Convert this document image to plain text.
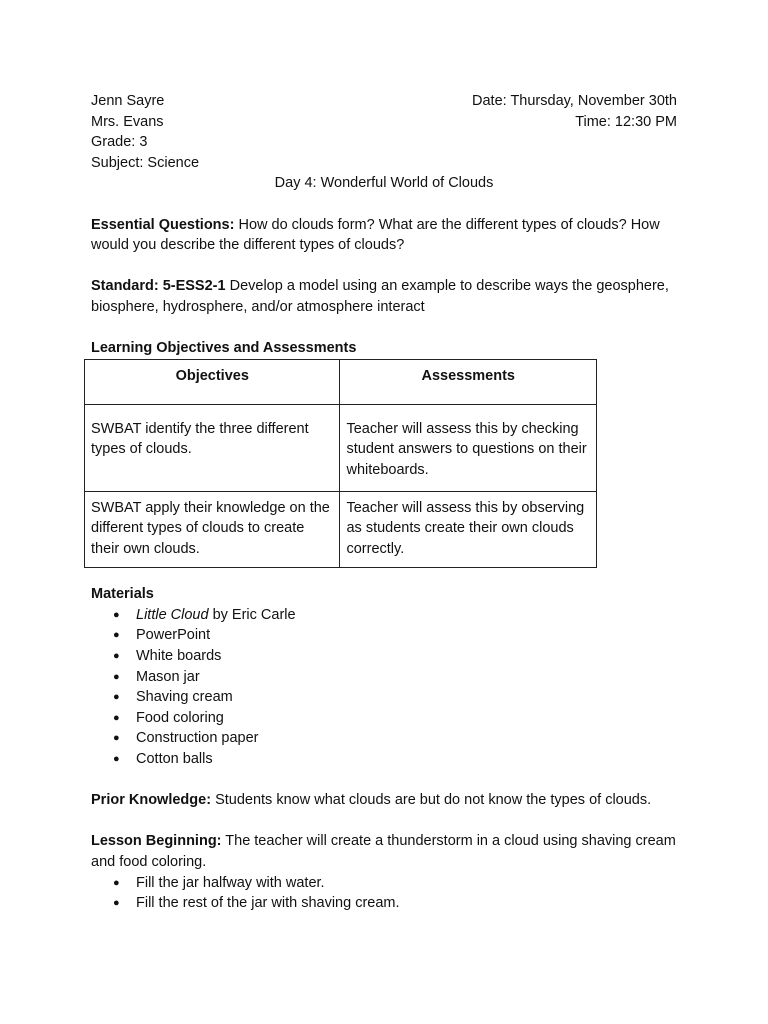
Jenn Sayre	Date: Thursday, November 30th
Mrs. Evans	Time: 12:30 PM
Grade: 3
Subject: Science
Day 4: Wonderful World of Clouds
Essential Questions: How do clouds form? What are the different types of clouds? How would you describe the different types of clouds?
Standard: 5-ESS2-1 Develop a model using an example to describe ways the geosphere, biosphere, hydrosphere, and/or atmosphere interact
Learning Objectives and Assessments
Objectives	Assessments
SWBAT identify the three different types of clouds.	Teacher will assess this by checking student answers to questions on their whiteboards.
SWBAT apply their knowledge on the different types of clouds to create their own clouds.	Teacher will assess this by observing as students create their own clouds correctly.
Materials
● Little Cloud by Eric Carle
● PowerPoint
● White boards
● Mason jar
● Shaving cream
● Food coloring
● Construction paper
● Cotton balls
Prior Knowledge: Students know what clouds are but do not know the types of clouds.
Lesson Beginning: The teacher will create a thunderstorm in a cloud using shaving cream and food coloring.
● Fill the jar halfway with water.
● Fill the rest of the jar with shaving cream.
